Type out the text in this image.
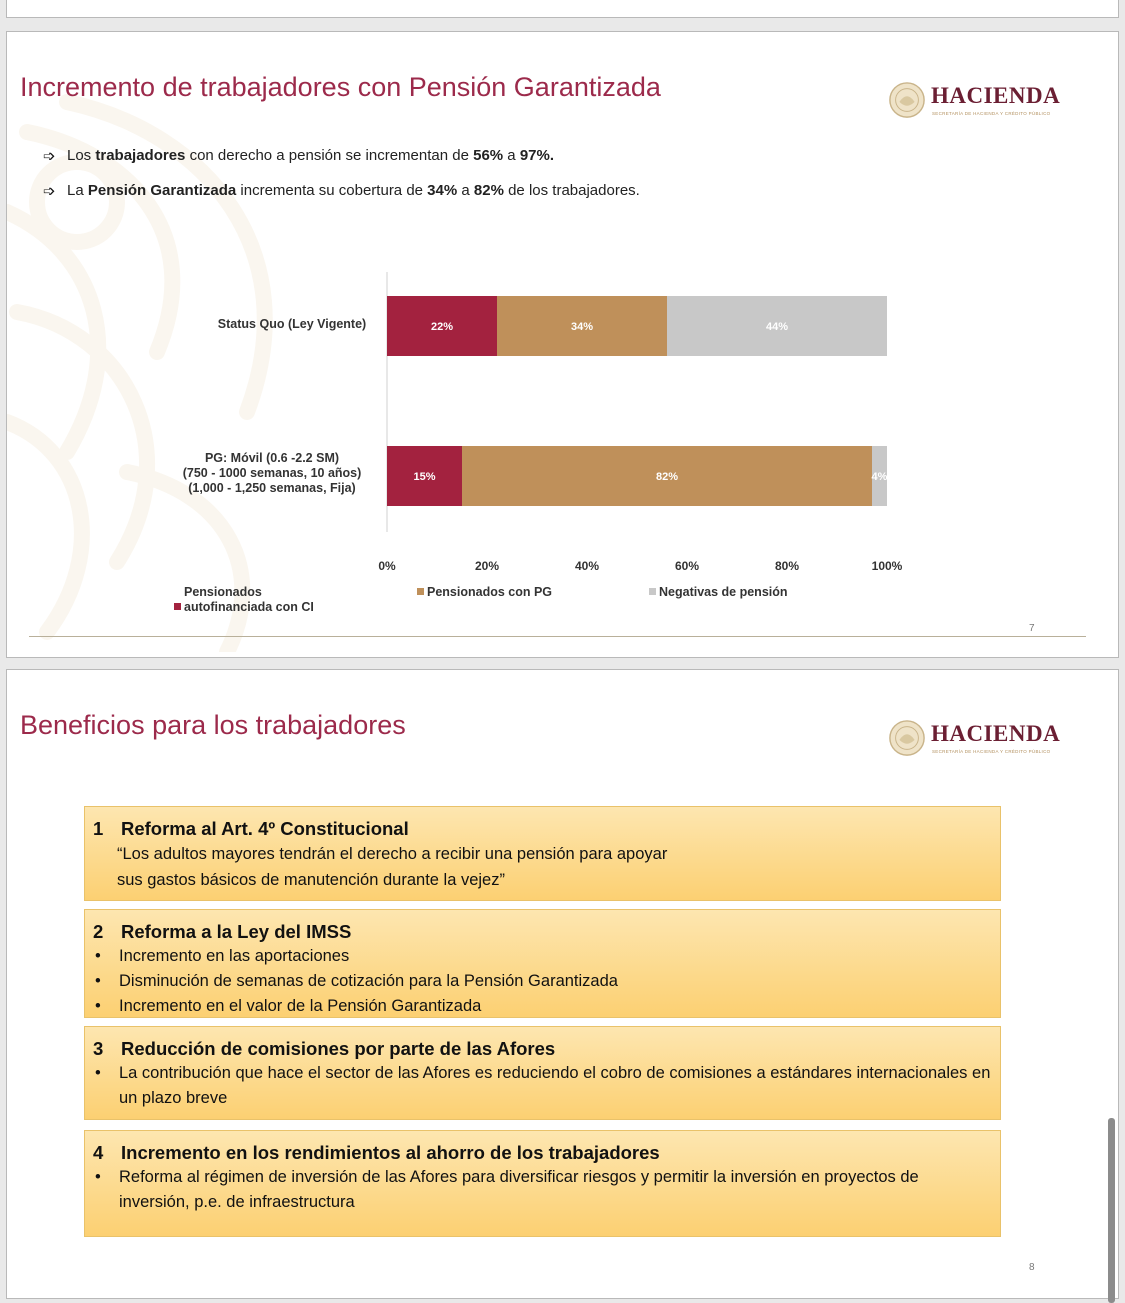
Incremento de trabajadores con Pensión Garantizada	HACIENDA
SECRETARÍA DE HACIENDA Y CRÉDITO PÚBLICO
➩ Los trabajadores con derecho a pensión se incrementan de 56% a 97%.
➩ La Pensión Garantizada incrementa su cobertura de 34% a 82% de los trabajadores.
22%	34%	44%
15%	82%	4%
0%	20%	40%	60%	80%	100%
Status Quo (Ley Vigente)
PG: Móvil (0.6 -2.2 SM)
(750 - 1000 semanas, 10 años)
(1,000 - 1,250 semanas, Fija)
Pensionados autofinanciada con CI
Pensionados con PG	Negativas de pensión
7
Beneficios para los trabajadores	HACIENDA
SECRETARÍA DE HACIENDA Y CRÉDITO PÚBLICO
1 Reforma al Art. 4º Constitucional
“Los adultos mayores tendrán el derecho a recibir una pensión para apoyar
sus gastos básicos de manutención durante la vejez”
2 Reforma a la Ley del IMSS
• Incremento en las aportaciones
• Disminución de semanas de cotización para la Pensión Garantizada
• Incremento en el valor de la Pensión Garantizada
3 Reducción de comisiones por parte de las Afores
• La contribución que hace el sector de las Afores es reduciendo el cobro de comisiones a estándares internacionales en un plazo breve
4 Incremento en los rendimientos al ahorro de los trabajadores
• Reforma al régimen de inversión de las Afores para diversificar riesgos y permitir la inversión en proyectos de inversión, p.e. de infraestructura
8
